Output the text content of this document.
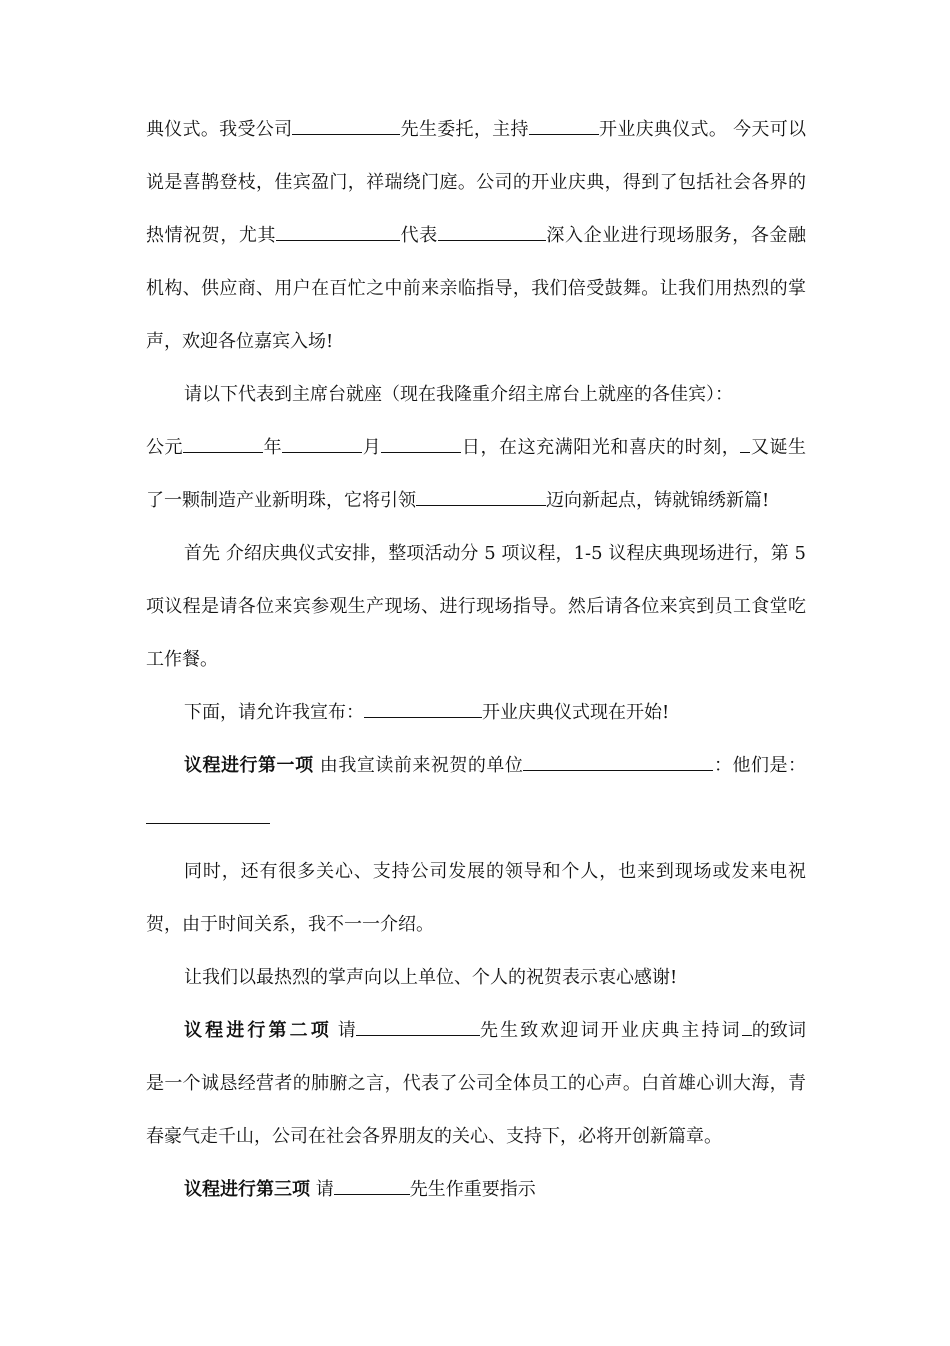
典仪式。我受公司	先生委托，主持	开业庆典仪式。 今天可以说是喜鹊登枝，佳宾盈门，祥瑞绕门庭。公司的开业庆典，得到了包括社会各界的热情祝贺，尤其	代表	深入企业进行现场服务，各金融机构、供应商、用户在百忙之中前来亲临指导，我们倍受鼓舞。让我们用热烈的掌声，欢迎各位嘉宾入场!

请以下代表到主席台就座（现在我隆重介绍主席台上就座的各佳宾）：

公元	年	月	日，在这充满阳光和喜庆的时刻， 又诞生了一颗制造产业新明珠，它将引领	迈向新起点，铸就锦绣新篇!

首先 介绍庆典仪式安排，整项活动分 5 项议程，1-5 议程庆典现场进行，第 5 项议程是请各位来宾参观生产现场、进行现场指导。然后请各位来宾到员工食堂吃工作餐。

下面，请允许我宣布：	开业庆典仪式现在开始!

议程进行第一项 由我宣读前来祝贺的单位	：他们是：

同时，还有很多关心、支持公司发展的领导和个人，也来到现场或发来电祝贺，由于时间关系，我不一一介绍。

让我们以最热烈的掌声向以上单位、个人的祝贺表示衷心感谢!

议程进行第二项 请	先生致欢迎词开业庆典主持词 的致词是一个诚恳经营者的肺腑之言，代表了公司全体员工的心声。白首雄心训大海，青春豪气走千山，公司在社会各界朋友的关心、支持下，必将开创新篇章。

议程进行第三项 请	先生作重要指示
